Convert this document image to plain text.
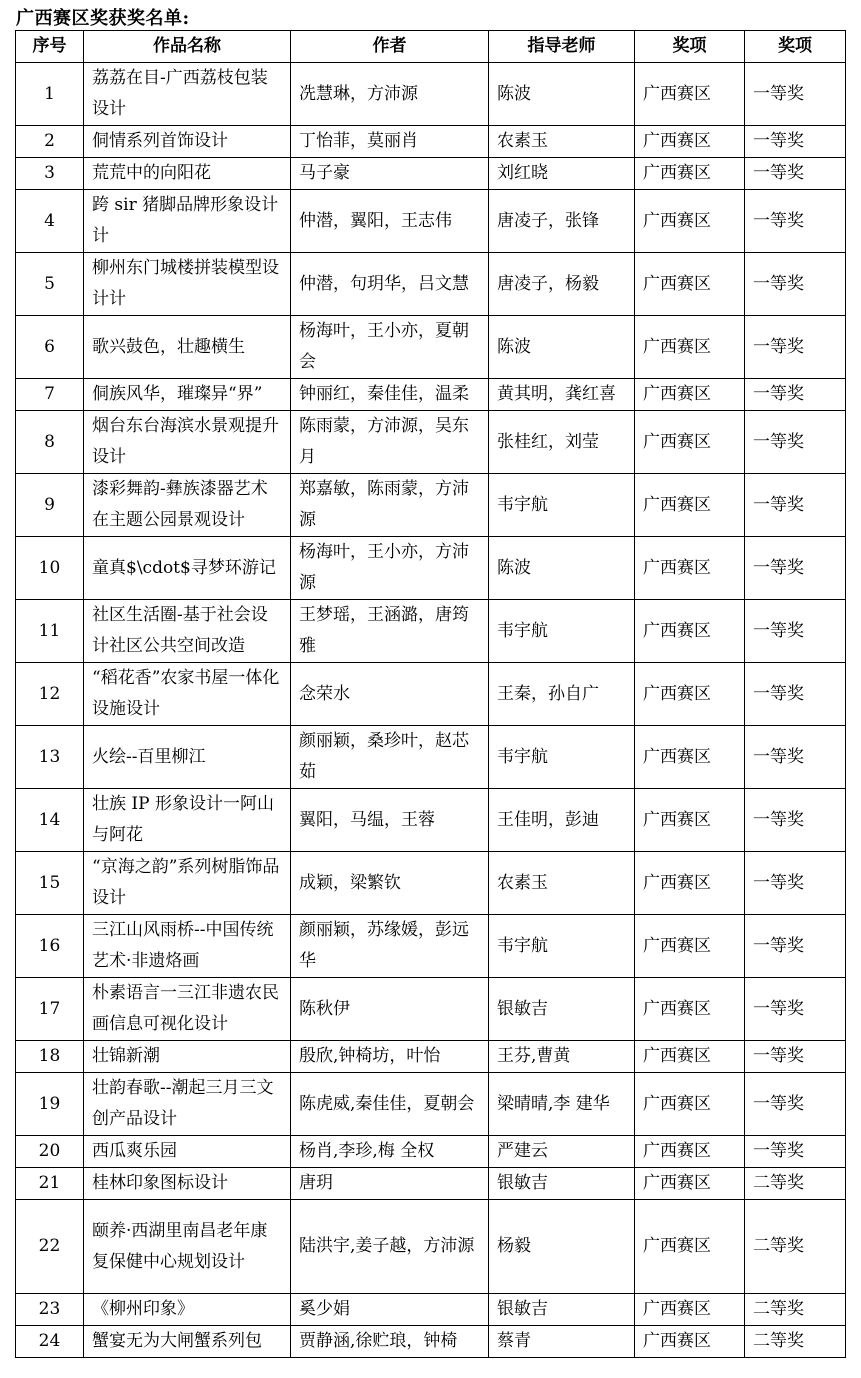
广西赛区奖获奖名单:
序号	作品名称	作者	指导老师	奖项	奖项
1	荔荔在目-广西荔枝包装设计	冼慧琳，方沛源	陈波	广西赛区	一等奖
2	侗情系列首饰设计	丁怡菲，莫丽肖	农素玉	广西赛区	一等奖
3	荒荒中的向阳花	马子豪	刘红晓	广西赛区	一等奖
4	跨 sir 猪脚品牌形象设计计	仲潜，翼阳，王志伟	唐凌子，张锋	广西赛区	一等奖
5	柳州东门城楼拼装模型设计计	仲潜，句玥华，吕文慧	唐凌子，杨毅	广西赛区	一等奖
6	歌兴鼓色，壮趣横生	杨海叶，王小亦，夏朝会	陈波	广西赛区	一等奖
7	侗族风华，璀璨异“界”	钟丽红，秦佳佳，温柔	黄其明，龚红喜	广西赛区	一等奖
8	烟台东台海滨水景观提升设计	陈雨蒙，方沛源，吴东月	张桂红，刘莹	广西赛区	一等奖
9	漆彩舞韵-彝族漆器艺术在主题公园景观设计	郑嘉敏，陈雨蒙，方沛源	韦宇航	广西赛区	一等奖
10	童真$\cdot$寻梦环游记	杨海叶，王小亦，方沛源	陈波	广西赛区	一等奖
11	社区生活圈-基于社会设计社区公共空间改造	王梦瑶，王涵潞，唐筠雅	韦宇航	广西赛区	一等奖
12	“稻花香”农家书屋一体化设施设计	念荣水	王秦，孙自广	广西赛区	一等奖
13	火绘--百里柳江	颜丽颖，桑珍叶，赵芯茹	韦宇航	广西赛区	一等奖
14	壮族 IP 形象设计一阿山与阿花	翼阳，马缊，王蓉	王佳明，彭迪	广西赛区	一等奖
15	“京海之韵”系列树脂饰品设计	成颖，梁繁钦	农素玉	广西赛区	一等奖
16	三江山风雨桥--中国传统艺术·非遗烙画	颜丽颖，苏缘媛，彭远华	韦宇航	广西赛区	一等奖
17	朴素语言一三江非遗农民 画信息可视化设计	陈秋伊	银敏吉	广西赛区	一等奖
18	壮锦新潮	殷欣,钟椅坊，叶怡	王芬,曹黄	广西赛区	一等奖
19	壮韵春歌--潮起三月三文创产品设计	陈虎威,秦佳佳，夏朝会	梁晴晴,李 建华	广西赛区	一等奖
20	西瓜爽乐园	杨肖,李珍,梅 全权	严建云	广西赛区	一等奖
21	桂林印象图标设计	唐玥	银敏吉	广西赛区	二等奖
22	颐养·西湖里南昌老年康 复保健中心规划设计	陆洪宇,姜子越，方沛源	杨毅	广西赛区	二等奖
23	《柳州印象》	奚少娟	银敏吉	广西赛区	二等奖
24	蟹宴无为大闸蟹系列包	贾静涵,徐贮琅，钟椅	蔡青	广西赛区	二等奖
